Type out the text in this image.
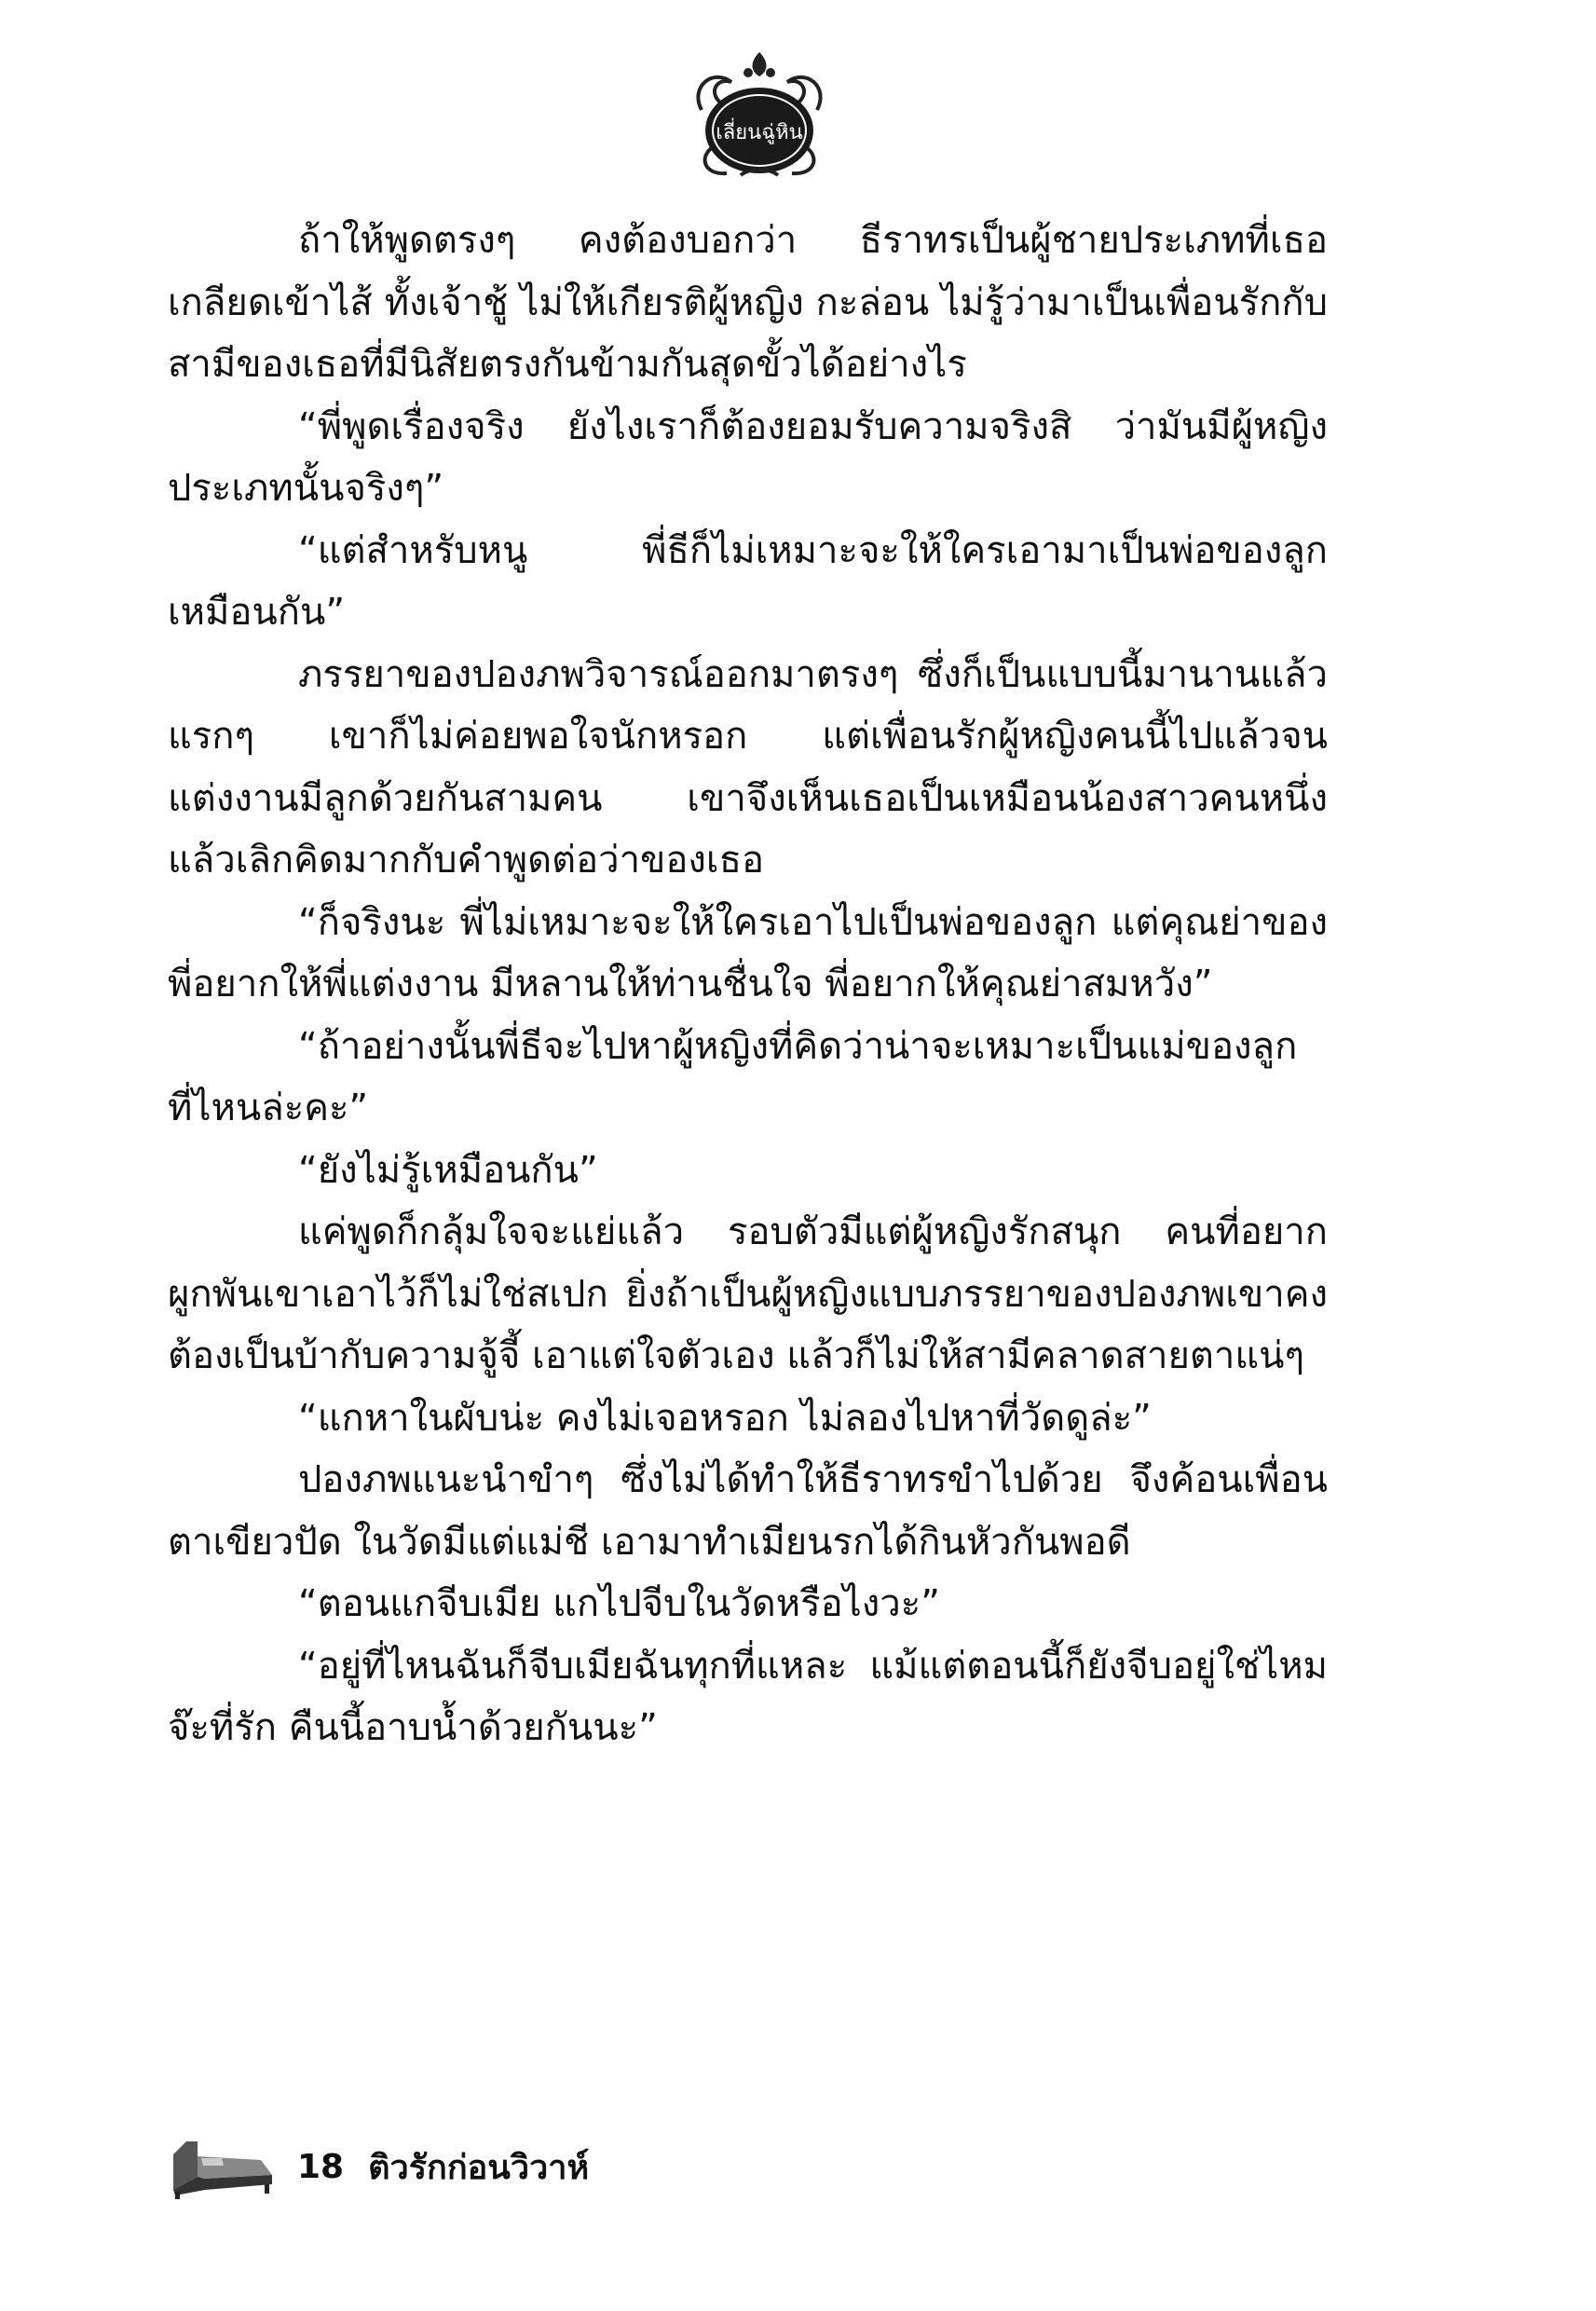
เลี่ยนฉู่หิน

ถ้าให้พูดตรงๆ คงต้องบอกว่า ธีราทรเป็นผู้ชายประเภทที่เธอเกลียดเข้าไส้ ทั้งเจ้าชู้ ไม่ให้เกียรติผู้หญิง กะล่อน ไม่รู้ว่ามาเป็นเพื่อนรักกับสามีของเธอที่มีนิสัยตรงกันข้ามกันสุดขั้วได้อย่างไร

“พี่พูดเรื่องจริง ยังไงเราก็ต้องยอมรับความจริงสิ ว่ามันมีผู้หญิงประเภทนั้นจริงๆ”

“แต่สำหรับหนู พี่ธีก็ไม่เหมาะจะให้ใครเอามาเป็นพ่อของลูกเหมือนกัน”

ภรรยาของปองภพวิจารณ์ออกมาตรงๆ ซึ่งก็เป็นแบบนี้มานานแล้ว แรกๆ เขาก็ไม่ค่อยพอใจนักหรอก แต่เพื่อนรักผู้หญิงคนนี้ไปแล้วจนแต่งงานมีลูกด้วยกันสามคน เขาจึงเห็นเธอเป็นเหมือนน้องสาวคนหนึ่ง แล้วเลิกคิดมากกับคำพูดต่อว่าของเธอ

“ก็จริงนะ พี่ไม่เหมาะจะให้ใครเอาไปเป็นพ่อของลูก แต่คุณย่าของพี่อยากให้พี่แต่งงาน มีหลานให้ท่านชื่นใจ พี่อยากให้คุณย่าสมหวัง”

“ถ้าอย่างนั้นพี่ธีจะไปหาผู้หญิงที่คิดว่าน่าจะเหมาะเป็นแม่ของลูกที่ไหนล่ะคะ”

“ยังไม่รู้เหมือนกัน”

แค่พูดก็กลุ้มใจจะแย่แล้ว รอบตัวมีแต่ผู้หญิงรักสนุก คนที่อยากผูกพันเขาเอาไว้ก็ไม่ใช่สเปก ยิ่งถ้าเป็นผู้หญิงแบบภรรยาของปองภพเขาคงต้องเป็นบ้ากับความจู้จี้ เอาแต่ใจตัวเอง แล้วก็ไม่ให้สามีคลาดสายตาแน่ๆ

“แกหาในผับน่ะ คงไม่เจอหรอก ไม่ลองไปหาที่วัดดูล่ะ”

ปองภพแนะนำขำๆ ซึ่งไม่ได้ทำให้ธีราทรขำไปด้วย จึงค้อนเพื่อนตาเขียวปัด ในวัดมีแต่แม่ชี เอามาทำเมียนรกได้กินหัวกันพอดี

“ตอนแกจีบเมีย แกไปจีบในวัดหรือไงวะ”

“อยู่ที่ไหนฉันก็จีบเมียฉันทุกที่แหละ แม้แต่ตอนนี้ก็ยังจีบอยู่ใช่ไหมจ๊ะที่รัก คืนนี้อาบน้ำด้วยกันนะ”

18 ติวรักก่อนวิวาห์
